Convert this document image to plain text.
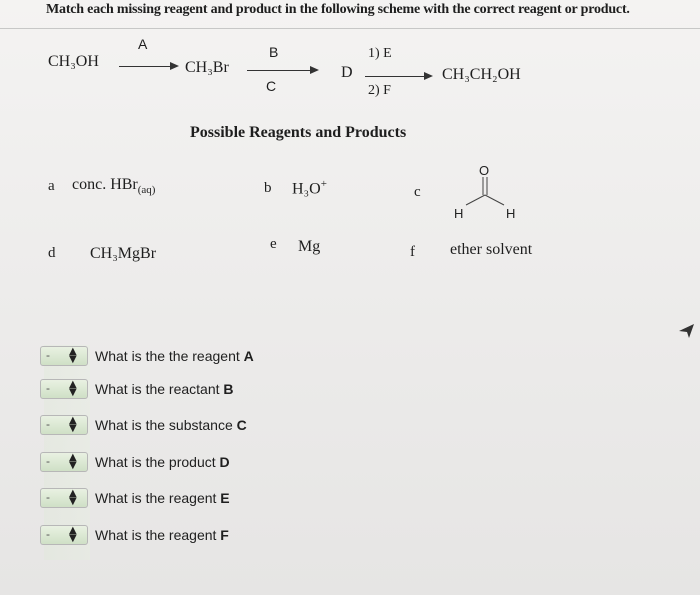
Match each missing reagent and product in the following scheme with the correct reagent or product.
CH₃OH
A
CH₃Br
B
C
D
1) E
2) F
CH₃CH₂OH
Possible Reagents and Products
a conc. HBr$_{(aq)}$	b H₃O+	c
O
H	H
d CH₃MgBr
e Mg	f ether solvent
- ▲
▼ What is the the reagent A
- ▲
▼ What is the reactant B
- ▲
▼ What is the substance C
- ▲
▼ What is the product D
- ▲
▼ What is the reagent E
- ▲
▼ What is the reagent F
